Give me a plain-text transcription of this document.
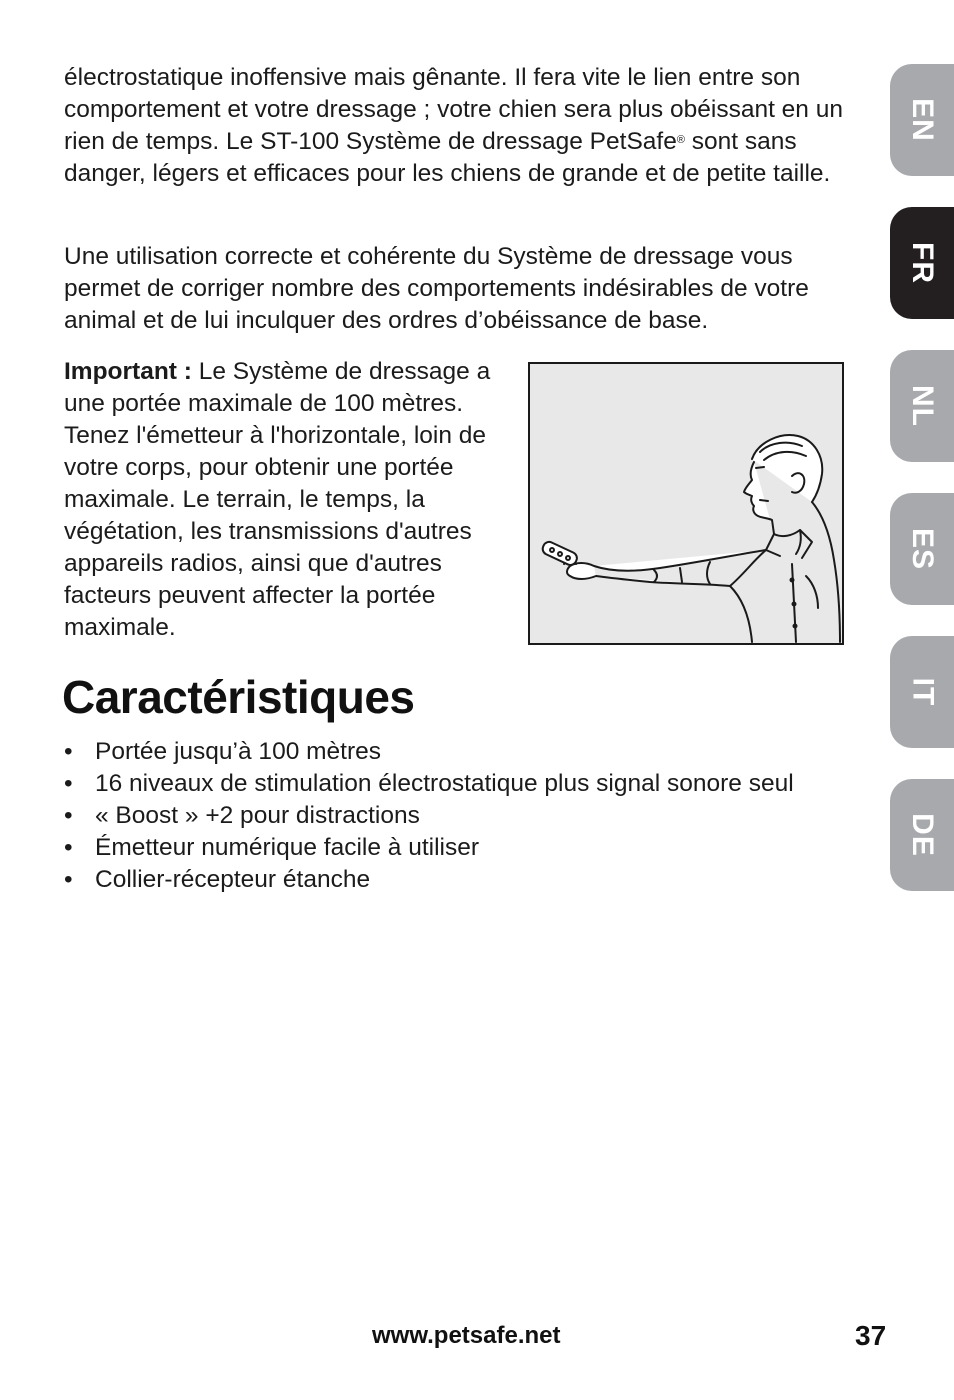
électrostatique inoffensive mais gênante. Il fera vite le lien entre son comportement et votre dressage ; votre chien sera plus obéissant en un rien de temps. Le ST-100 Système de dressage PetSafe® sont sans danger, légers et efficaces pour les chiens de grande et de petite taille.

Une utilisation correcte et cohérente du Système de dressage vous permet de corriger nombre des comportements indésirables de votre animal et de lui inculquer des ordres d’obéissance de base.

Important : Le Système de dressage a une portée maximale de 100 mètres. Tenez l'émetteur à l'horizontale, loin de votre corps, pour obtenir une portée maximale. Le terrain, le temps, la végétation, les transmissions d'autres appareils radios, ainsi que d'autres facteurs peuvent affecter la portée maximale.

Caractéristiques
• Portée jusqu’à 100 mètres
• 16 niveaux de stimulation électrostatique plus signal sonore seul
• « Boost » +2 pour distractions
• Émetteur numérique facile à utiliser
• Collier-récepteur étanche
EN
FR
NL
ES
IT
DE
www.petsafe.net	37
